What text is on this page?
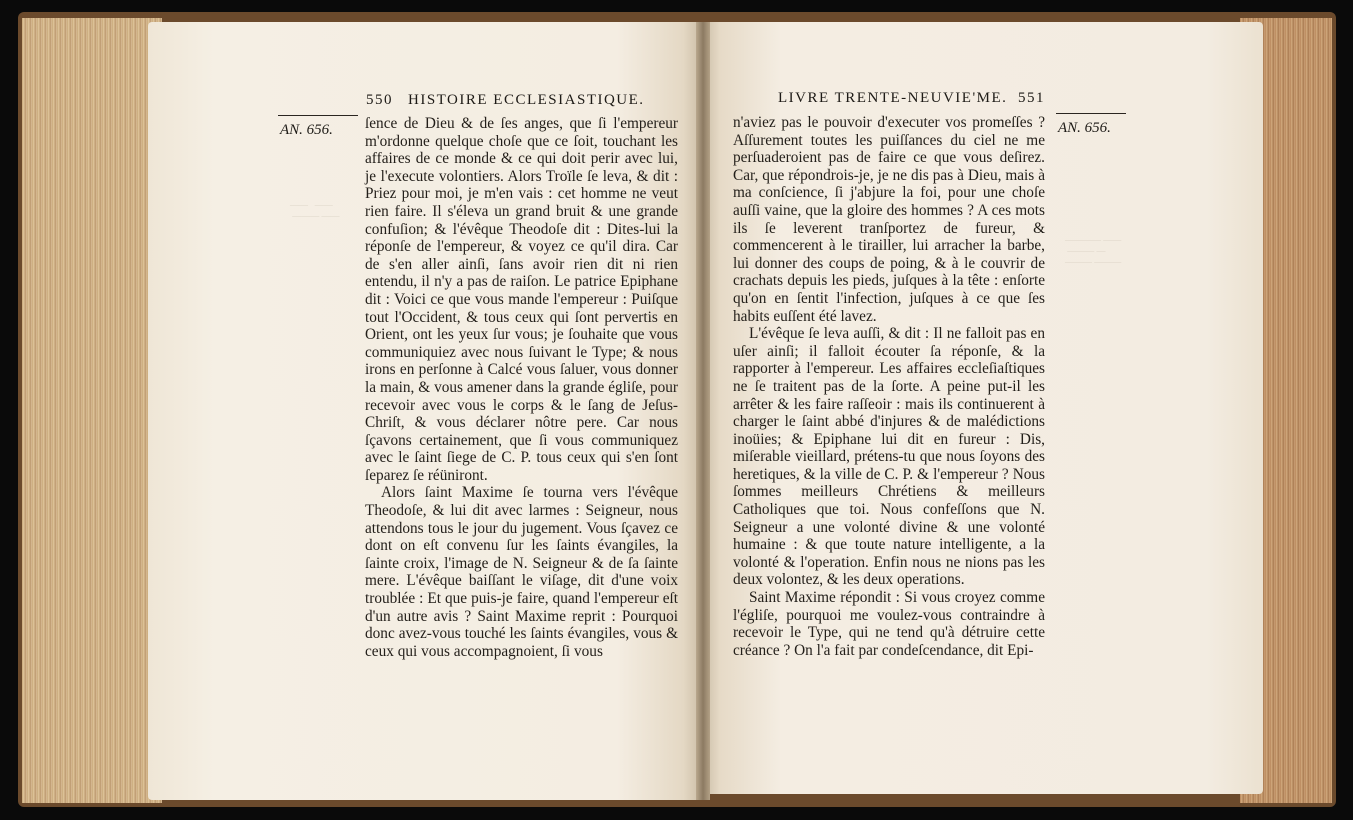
——   ——
——— ——
———— ——
——— —
——— ———
550 HISTOIRE ECCLESIASTIQUE.
AN. 656. ſence de Dieu & de ſes anges, que ſi l'empereur m'ordonne quelque choſe que ce ſoit, touchant les affaires de ce monde & ce qui doit perir avec lui, je l'execute volontiers. Alors Troïle ſe leva, & dit : Priez pour moi, je m'en vais : cet homme ne veut rien faire. Il s'éleva un grand bruit & une grande confuſion; & l'évêque Theodoſe dit : Dites-lui la réponſe de l'empereur, & voyez ce qu'il dira. Car de s'en aller ainſi, ſans avoir rien dit ni rien entendu, il n'y a pas de raiſon. Le patrice Epiphane dit : Voici ce que vous mande l'empereur : Puiſque tout l'Occident, & tous ceux qui ſont pervertis en Orient, ont les yeux ſur vous; je ſouhaite que vous communiquiez avec nous ſuivant le Type; & nous irons en perſonne à Calcé vous ſaluer, vous donner la main, & vous amener dans la grande égliſe, pour recevoir avec vous le corps & le ſang de Jeſus-Chriſt, & vous déclarer nôtre pere. Car nous ſçavons certainement, que ſi vous communiquez avec le ſaint ſiege de C. P. tous ceux qui s'en ſont ſeparez ſe réüniront.

Alors ſaint Maxime ſe tourna vers l'évêque Theodoſe, & lui dit avec larmes : Seigneur, nous attendons tous le jour du jugement. Vous ſçavez ce dont on eſt convenu ſur les ſaints évangiles, la ſainte croix, l'image de N. Seigneur & de ſa ſainte mere. L'évêque baiſſant le viſage, dit d'une voix troublée : Et que puis-je faire, quand l'empereur eſt d'un autre avis ? Saint Maxime reprit : Pourquoi donc avez-vous touché les ſaints évangiles, vous & ceux qui vous accompagnoient, ſi vous

LIVRE TRENTE-NEUVIE'ME. 551
AN. 656.

n'aviez pas le pouvoir d'executer vos promeſſes ? Aſſurement toutes les puiſſances du ciel ne me perſuaderoient pas de faire ce que vous deſirez. Car, que répondrois-je, je ne dis pas à Dieu, mais à ma conſcience, ſi j'abjure la foi, pour une choſe auſſi vaine, que la gloire des hommes ? A ces mots ils ſe leverent tranſportez de fureur, & commencerent à le tirailler, lui arracher la barbe, lui donner des coups de poing, & à le couvrir de crachats depuis les pieds, juſques à la tête : enſorte qu'on en ſentit l'infection, juſques à ce que ſes habits euſſent été lavez.

L'évêque ſe leva auſſi, & dit : Il ne falloit pas en uſer ainſi; il falloit écouter ſa réponſe, & la rapporter à l'empereur. Les affaires eccleſiaſtiques ne ſe traitent pas de la ſorte. A peine put-il les arrêter & les faire raſſeoir : mais ils continuerent à charger le ſaint abbé d'injures & de malédictions inoüies; & Epiphane lui dit en fureur : Dis, miſerable vieillard, prétens-tu que nous ſoyons des heretiques, & la ville de C. P. & l'empereur ? Nous ſommes meilleurs Chrétiens & meilleurs Catholiques que toi. Nous confeſſons que N. Seigneur a une volonté divine & une volonté humaine : & que toute nature intelligente, a la volonté & l'operation. Enfin nous ne nions pas les deux volontez, & les deux operations.

Saint Maxime répondit : Si vous croyez comme l'égliſe, pourquoi me voulez-vous contraindre à recevoir le Type, qui ne tend qu'à détruire cette créance ? On l'a fait par condeſcendance, dit Epi-
